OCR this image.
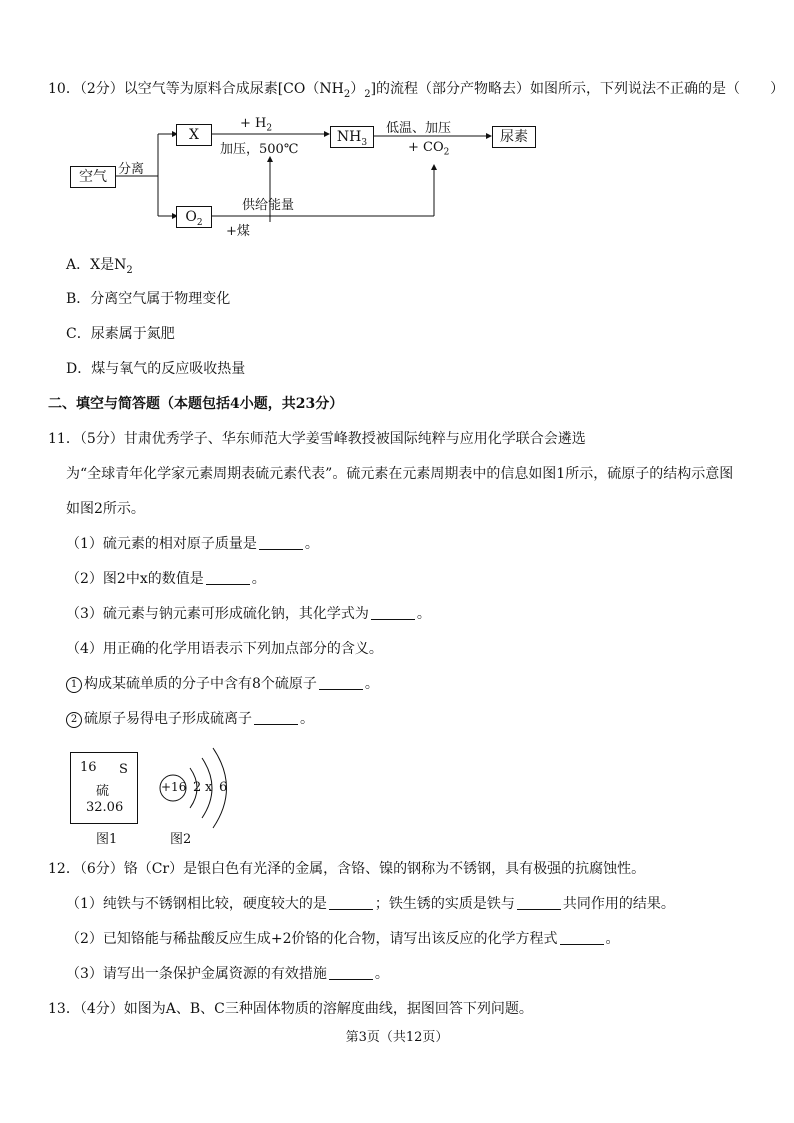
10．（2分）以空气等为原料合成尿素$[CO(NH_2)_2]$的流程（部分产物略去）如图所示，下列说法不正确的是（ ）
空气
X	$NH_3$	尿素
$O_2$
分离
+ $H_2$
加压，500℃
低温、加压
+ $CO_2$
供给能量
+煤
A．X是$N_2$
B．分离空气属于物理变化
C．尿素属于氮肥
D．煤与氧气的反应吸收热量
二、填空与简答题（本题包括4小题，共23分）
11．（5分）甘肃优秀学子、华东师范大学姜雪峰教授被国际纯粹与应用化学联合会遴选
为“全球青年化学家元素周期表硫元素代表”。硫元素在元素周期表中的信息如图1所示，硫原子的结构示意图
如图2所示。
（1）硫元素的相对原子质量是	。
（2）图2中x的数值是	。
（3）硫元素与钠元素可形成硫化钠，其化学式为	。
（4）用正确的化学用语表示下列加点部分的含义。
1 构成某硫单质的分子中含有8个硫原子	。
2 硫原子易得电子形成硫离子	。
16 S
硫
32.06
图1
+16 2 x 6
图2
12．（6分）铬（Cr）是银白色有光泽的金属，含铬、镍的钢称为不锈钢，具有极强的抗腐蚀性。
（1）纯铁与不锈钢相比较，硬度较大的是	；铁生锈的实质是铁与	共同作用的结果。
（2）已知铬能与稀盐酸反应生成+2价铬的化合物，请写出该反应的化学方程式	。
（3）请写出一条保护金属资源的有效措施	。
13．（4分）如图为A、B、C三种固体物质的溶解度曲线，据图回答下列问题。
第3页（共12页）
